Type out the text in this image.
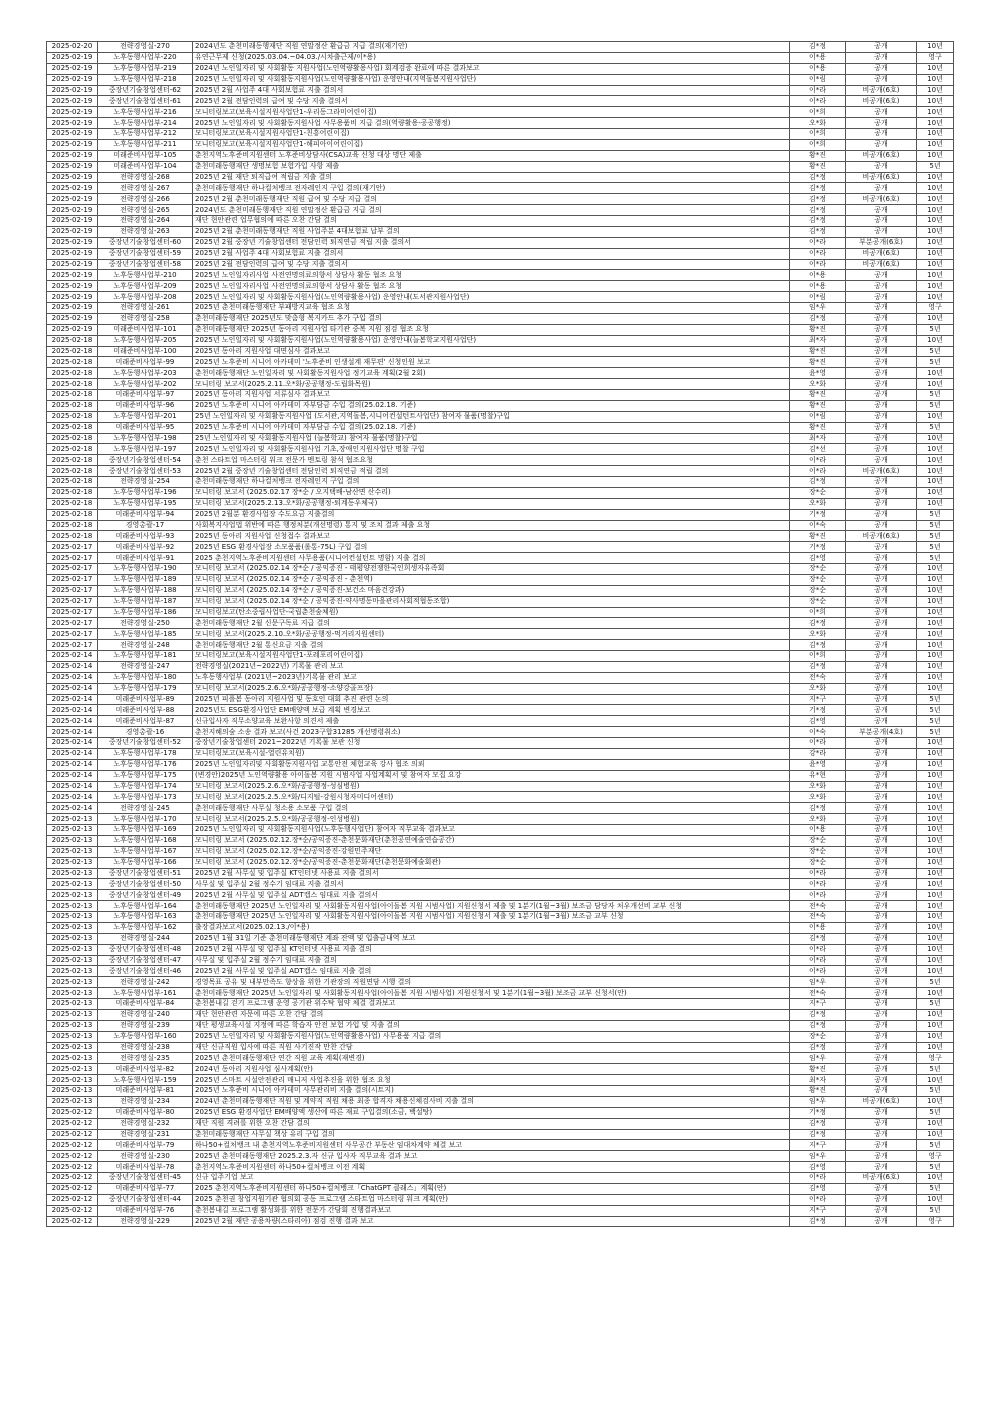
2025-02-20	전략경영실-270	2024년도 춘천미래동행재단 직원 연말정산 환급금 지급 결의(재기안)	김*정	공개	10년
2025-02-19	노후동행사업부-220	유연근무제 신청(2025.03.04.~04.03./시차출근제/이*용)	이*용	공개	영구
2025-02-19	노후동행사업부-219	2024년 노인일자리 및 사회활동 지원사업(노인역량활용사업) 회계검증 완료에 따른 결과보고	이*용	공개	10년
2025-02-19	노후동행사업부-218	2025년 노인일자리 및 사회활동지원사업(노인역량활용사업) 운영안내(지역돌봄지원사업단)	이*림	공개	10년
2025-02-19	중장년기술창업센터-62	2025년 2월 사업주 4대 사회보험료 지출 결의서	이*라	비공개(6호)	10년
2025-02-19	중장년기술창업센터-61	2025년 2월 전담인력의 급여 및 수당 지출 결의서	이*라	비공개(6호)	10년
2025-02-19	노후동행사업부-216	모니터링보고(보육시설지원사업단1-우리동그라미어린이집)	이*희	공개	10년
2025-02-19	노후동행사업부-214	2025년 노인일자리 및 사회활동지원사업 사무용품비 지급 결의(역량활용-공공행정)	오*화	공개	10년
2025-02-19	노후동행사업부-212	모니터링보고(보육시설지원사업단1-친흥어린이집)	이*희	공개	10년
2025-02-19	노후동행사업부-211	모니터링보고(보육시설지원사업단1-해피아이어린이집)	이*희	공개	10년
2025-02-19	미래준비사업부-105	춘천지역노후준비지원센터 노후준비상담사(CSA)교육 신청 대상 명단 제출	황*진	비공개(6호)	10년
2025-02-19	미래준비사업부-104	춘천미래동행재단 생명보험 보험가입 사항 제출	황*진	공개	5년
2025-02-19	전략경영실-268	2025년 2월 재단 퇴직급여 적립금 지출 결의	김*정	비공개(6호)	10년
2025-02-19	전략경영실-267	춘천미래동행재단 하나컬처뱅크 전자레인지 구입 결의(재기안)	김*정	공개	10년
2025-02-19	전략경영실-266	2025년 2월 춘천미래동행재단 직원 급여 및 수당 지급 결의	김*정	비공개(6호)	10년
2025-02-19	전략경영실-265	2024년도 춘천미래동행재단 직원 연말정산 환급금 지급 결의	김*정	공개	10년
2025-02-19	전략경영실-264	재단 현안관련 업무협의에 따른 오찬 간담 결의	김*정	공개	10년
2025-02-19	전략경영실-263	2025년 2월 춘천미래동행재단 직원 사업주분 4대보험료 납부 결의	김*정	공개	10년
2025-02-19	중장년기술창업센터-60	2025년 2월 중장년 기술창업센터 전담인력 퇴직연금 적립 지출 결의서	이*라	부분공개(6호)	10년
2025-02-19	중장년기술창업센터-59	2025년 2월 사업주 4대 사회보험료 지출 결의서	이*라	비공개(6호)	10년
2025-02-19	중장년기술창업센터-58	2025년 2월 전담인력의 급여 및 수당 지출 결의서	이*라	비공개(6호)	10년
2025-02-19	노후동행사업부-210	2025년 노인일자리사업 사전연명의료의향서 상담사 활동 협조 요청	이*용	공개	10년
2025-02-19	노후동행사업부-209	2025년 노인일자리사업 사전연명의료의향서 상담사 활동 협조 요청	이*용	공개	10년
2025-02-19	노후동행사업부-208	2025년 노인일자리 및 사회활동지원사업(노인역량활용사업) 운영안내(도서관지원사업단)	이*림	공개	10년
2025-02-19	전략경영실-261	2025년 춘천미래동행재단 부패방지교육 협조 요청	임*우	공개	영구
2025-02-19	전략경영실-258	춘천미래동행재단 2025년도 맞춤형 복지카드 추가 구입 결의	김*정	공개	10년
2025-02-19	미래준비사업부-101	춘천미래동행재단 2025년 동아리 지원사업 타기관 중복 지원 점검 협조 요청	황*진	공개	5년
2025-02-18	노후동행사업부-205	2025년 노인일자리 및 사회활동지원사업(노인역량활용사업) 운영안내(늘봄학교지원사업단)	최*자	공개	10년
2025-02-18	미래준비사업부-100	2025년 동아리 지원사업 대면심사 결과보고	황*진	공개	5년
2025-02-18	미래준비사업부-99	2025년 노후준비 시니어 아카데미 '노후준비 인생설계 재무편' 신청인원 보고	황*진	공개	5년
2025-02-18	노후동행사업부-203	춘천미래동행재단 노인일자리 및 사회활동지원사업 정기교육 계획(2월 2회)	윤*영	공개	10년
2025-02-18	노후동행사업부-202	모니터링 보고서(2025.2.11.오*화/공공행정-도립화목원)	오*화	공개	10년
2025-02-18	미래준비사업부-97	2025년 동아리 지원사업 서류심사 결과보고	황*진	공개	5년
2025-02-18	미래준비사업부-96	2025년 노후준비 시니어 아카데미 자부담금 수입 결의(25.02.18. 기준)	황*진	공개	5년
2025-02-18	노후동행사업부-201	25년 노인일자리 및 사회활동지원사업 (도서관,지역돌봄,시니어컨설턴트사업단) 참여자 물품(명찰)구입	이*림	공개	10년
2025-02-18	미래준비사업부-95	2025년 노후준비 시니어 아카데미 자부담금 수입 결의(25.02.18. 기준)	황*진	공개	5년
2025-02-18	노후동행사업부-198	25년 노인일자리 및 사회활동지원사업 (늘봄학교) 참여자 물품(명찰)구입	최*자	공개	10년
2025-02-18	노후동행사업부-197	2025년 노인일자리 및 사회활동지원사업 기초,장애인지원사업단 명찰 구입	김*선	공개	10년
2025-02-18	중장년기술창업센터-54	춘천 스타트업 마스터링 워크 전문가 멘토링 참석 협조요청	이*라	공개	10년
2025-02-18	중장년기술창업센터-53	2025년 2월 중장년 기술창업센터 전담인력 퇴직연금 적립 결의	이*라	비공개(6호)	10년
2025-02-18	전략경영실-254	춘천미래동행재단 하나컬처뱅크 전자레인지 구입 결의	김*정	공개	10년
2025-02-18	노후동행사업부-196	모니터링 보고서 (2025.02.17 장*순 / 오지택배-남산면 산수리)	장*순	공개	10년
2025-02-18	노후동행사업부-195	모니터링 보고서(2025.2.13.오*화/공공행정-퇴계동우체국)	오*화	공개	10년
2025-02-18	미래준비사업부-94	2025년 2월분 환경사업장 수도요금 지출결의	기*정	공개	5년
2025-02-18	경영총괄-17	사회복지사업법 위반에 따른 행정처분(개선명령) 통지 및 조치 결과 제출 요청	이*숙	공개	5년
2025-02-18	미래준비사업부-93	2025년 동아리 지원사업 신청접수 결과보고	황*진	비공개(6호)	5년
2025-02-17	미래준비사업부-92	2025년 ESG 환경사업장 소모품품(롤통-75L) 구입 결의	기*정	공개	5년
2025-02-17	미래준비사업부-91	2025 춘천지역노후준비지원센터 사무용품(시니어컨설턴트 명함) 지출 결의	김*영	공개	5년
2025-02-17	노후동행사업부-190	모니터링 보고서 (2025.02.14 장*순 / 공익증진 - 태평양전쟁한국인희생자유족회	장*순	공개	10년
2025-02-17	노후동행사업부-189	모니터링 보고서 (2025.02.14 장*순 / 공익증진 - 춘천역)	장*순	공개	10년
2025-02-17	노후동행사업부-188	모니터링 보고서 (2025.02.14 장*순 / 공익증진-보건소 마음건강과)	장*순	공개	10년
2025-02-17	노후동행사업부-187	모니터링 보고서 (2025.02.14 장*순 / 공익증진-약사명동마을관리사회적협동조합)	장*순	공개	10년
2025-02-17	노후동행사업부-186	모니터링보고(탄소중립사업단-국립춘천숲체원)	이*희	공개	10년
2025-02-17	전략경영실-250	춘천미래동행재단 2월 신문구독료 지급 결의	김*정	공개	10년
2025-02-17	노후동행사업부-185	모니터링 보고서(2025.2.10.오*화/공공행정-먹거리지원센터)	오*화	공개	10년
2025-02-17	전략경영실-248	춘천미래동행재단 2월 통신요금 지출 결의	김*정	공개	10년
2025-02-14	노후동행사업부-181	모니터링보고(보육시설지원사업단1-포레포리어린이집)	이*희	공개	10년
2025-02-14	전략경영실-247	전략경영실(2021년~2022년) 기록물 관리 보고	김*정	공개	10년
2025-02-14	노후동행사업부-180	노후동행사업부 (2021년~2023년)기록물 관리 보고	전*숙	공개	10년
2025-02-14	노후동행사업부-179	모니터링 보고서(2025.2.6.오*화/공공행정-소양강골프장)	오*화	공개	10년
2025-02-14	미래준비사업부-89	2025년 피플봄 동아리 지원사업 및 동호인 대회 추진 관련 논의	지*구	공개	5년
2025-02-14	미래준비사업부-88	2025년도 ESG환경사업단 EM배양액 보급 계획 변경보고	기*정	공개	5년
2025-02-14	미래준비사업부-87	신규입사자 직무소양교육 보완사항 의견서 제출	김*영	공개	5년
2025-02-14	경영총괄-16	춘천지혜의숲 소송 결과 보고(사건 2023구합31285 개선명령취소)	이*숙	부분공개(4호)	5년
2025-02-14	중장년기술창업센터-52	중장년기술창업센터 2021~2022년 기록물 보관 신청	이*라	공개	10년
2025-02-14	노후동행사업부-178	모니터링보고(보육시설-열린유치원)	강*라	공개	10년
2025-02-14	노후동행사업부-176	2025년 노인일자리및 사회활동지원사업 교통안전 체험교육 강사 협조 의뢰	윤*영	공개	10년
2025-02-14	노후동행사업부-175	(변경안)2025년 노인역량활용 아이돌봄 지원 시범사업 사업계획서 및 참여자 모집 요강	유*현	공개	10년
2025-02-14	노후동행사업부-174	모니터링 보고서(2025.2.6.오*화/공공행정-성심병원)	오*화	공개	10년
2025-02-14	노후동행사업부-173	모니터링 보고서(2025.2.5.오*화/디지털-강원시청자미디어센터)	오*화	공개	10년
2025-02-14	전략경영실-245	춘천미래동행재단 사무실 청소용 소모품 구입 결의	김*정	공개	10년
2025-02-13	노후동행사업부-170	모니터링 보고서(2025.2.5.오*화/공공행정-인성병원)	오*화	공개	10년
2025-02-13	노후동행사업부-169	2025년 노인일자리 및 사회활동지원사업(노후동행사업단) 참여자 직무교육 결과보고	이*용	공개	10년
2025-02-13	노후동행사업부-168	모니터링 보고서 (2025.02.12.장*순/공익증진-춘천문화재단(춘천공연예술연습공간)	장*순	공개	10년
2025-02-13	노후동행사업부-167	모니터링 보고서 (2025.02.12.장*순/공익증진-강원민주재단	장*순	공개	10년
2025-02-13	노후동행사업부-166	모니터링 보고서 (2025.02.12.장*순/공익증진-춘천문화재단(춘천문화예술회관)	장*순	공개	10년
2025-02-13	중장년기술창업센터-51	2025년 2월 사무실 및 입주실 KT인터넷 사용료 지출 결의서	이*라	공개	10년
2025-02-13	중장년기술창업센터-50	사무실 및 입주실 2월 정수기 임대료 지출 결의서	이*라	공개	10년
2025-02-13	중장년기술창업센터-49	2025년 2월 사무실 및 입주실 ADT캡스 임대료 지출 결의서	이*라	공개	10년
2025-02-13	노후동행사업부-164	춘천미래동행재단 2025년 노인일자리 및 사회활동지원사업(아이돌봄 지원 시범사업) 지원신청서 제출 및 1분기(1월~3월) 보조금 담당자 처우개선비 교부 신청	전*숙	공개	10년
2025-02-13	노후동행사업부-163	춘천미래동행재단 2025년 노인일자리 및 사회활동지원사업(아이돌봄 지원 시범사업) 지원신청서 제출 및 1분기(1월~3월) 보조금 교부 신청	전*숙	공개	10년
2025-02-13	노후동행사업부-162	출장결과보고서(2025.02.13./이*용)	이*용	공개	10년
2025-02-13	전략경영실-244	2025년 1월 31일 기준 춘천미래동행재단 계좌 잔액 및 입출금내역 보고	김*정	공개	10년
2025-02-13	중장년기술창업센터-48	2025년 2월 사무실 및 입주실 KT인터넷 사용료 지출 결의	이*라	공개	10년
2025-02-13	중장년기술창업센터-47	사무실 및 입주실 2월 정수기 임대료 지출 결의	이*라	공개	10년
2025-02-13	중장년기술창업센터-46	2025년 2월 사무실 및 입주실 ADT캡스 임대료 지출 결의	이*라	공개	10년
2025-02-13	전략경영실-242	경영목표 공유 및 내부만족도 향상을 위한 기관장의 직원면담 시행 결의	임*우	공개	5년
2025-02-13	노후동행사업부-161	춘천미래동행재단 2025년 노인일자리 및 사회활동지원사업(아이돌봄 지원 시범사업) 지원신청서 및 1분기(1월~3월) 보조금 교부 신청서(안)	전*숙	공개	10년
2025-02-13	미래준비사업부-84	춘천봄내길 걷기 프로그램 운영 공기관 위수탁 협약 체결 결과보고	지*구	공개	5년
2025-02-13	전략경영실-240	재단 현안관련 자문에 따른 오찬 간담 결의	김*정	공개	10년
2025-02-13	전략경영실-239	재단 평생교육시설 지정에 따른 학습자 안전 보험 가입 및 지출 결의	김*정	공개	10년
2025-02-13	노후동행사업부-160	2025년 노인일자리 및 사회활동지원사업(노인역량활용사업) 사무용품 지급 결의	장*순	공개	10년
2025-02-13	전략경영실-238	재단 신규직원 입사에 따른 직원 사기진작 만찬 간담	김*정	공개	10년
2025-02-13	전략경영실-235	2025년 춘천미래동행재단 연간 직원 교육 계획(재변경)	임*우	공개	영구
2025-02-13	미래준비사업부-82	2024년 동아리 지원사업 심사계획(안)	황*진	공개	5년
2025-02-13	노후동행사업부-159	2025년 스마트 시설안전관리 매니저 사업추진을 위한 협조 요청	최*자	공개	10년
2025-02-13	미래준비사업부-81	2025년 노후준비 시니어 아카데미 사무관리비 지출 결의(시트지)	황*진	공개	5년
2025-02-13	전략경영실-234	2024년 춘천미래동행재단 직원 및 계약직 직원 채용 최종 합격자 채용신체검사비 지출 결의	임*우	비공개(6호)	10년
2025-02-12	미래준비사업부-80	2025년 ESG 환경사업단 EM배양액 생산에 따른 재료 구입결의(소금, 백설탕)	기*정	공개	5년
2025-02-12	전략경영실-232	재단 직원 격려를 위한 오찬 간담 결의	김*정	공개	10년
2025-02-12	전략경영실-231	춘천미래동행재단 사무실 책상 유리 구입 결의	김*정	공개	10년
2025-02-12	미래준비사업부-79	하나50+컬처뱅크 내 춘천지역노후준비지원센터 사무공간 부동산 임대차계약 체결 보고	지*구	공개	5년
2025-02-12	전략경영실-230	2025년 춘천미래동행재단 2025.2.3.자 신규 입사자 직무교육 결과 보고	임*우	공개	영구
2025-02-12	미래준비사업부-78	춘천지역노후준비지원센터 하나50+컬처뱅크 이전 계획	김*영	공개	5년
2025-02-12	중장년기술창업센터-45	신규 입주기업 보고	이*라	비공개(6호)	10년
2025-02-12	미래준비사업부-77	2025 춘천지역노후준비지원센터 하나50+컬처뱅크「ChatGPT 클래스」계획(안)	김*영	공개	5년
2025-02-12	중장년기술창업센터-44	2025 춘천권 창업지원기관 협의회 공동 프로그램 스타트업 마스터링 워크 계획(안)	이*라	공개	10년
2025-02-12	미래준비사업부-76	춘천봄내길 프로그램 활성화를 위한 전문가 간담회 진행결과보고	지*구	공개	5년
2025-02-12	전략경영실-229	2025년 2월 재단 공용차량(스타리아) 점검 진행 결과 보고	김*정	공개	영구
